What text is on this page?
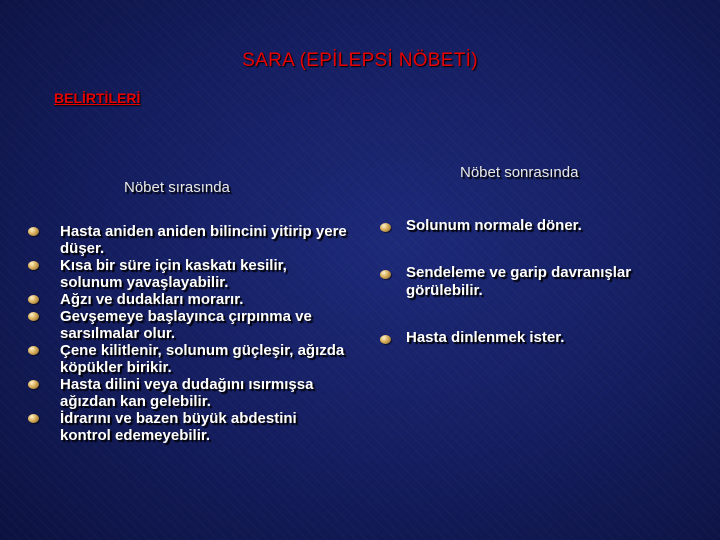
SARA (EPİLEPSİ NÖBETİ)
BELİRTİLERİ
Nöbet sırasında
Nöbet sonrasında
Hasta aniden aniden bilincini yitirip yere düşer.
Kısa bir süre için kaskatı kesilir, solunum yavaşlayabilir.
Ağzı ve dudakları morarır.
Gevşemeye başlayınca çırpınma ve sarsılmalar olur.
Çene kilitlenir, solunum güçleşir, ağızda köpükler birikir.
Hasta dilini veya dudağını ısırmışsa ağızdan kan gelebilir.
İdrarını ve bazen büyük abdestini kontrol edemeyebilir.
Solunum normale döner.
Sendeleme ve garip davranışlar görülebilir.
Hasta dinlenmek ister.
